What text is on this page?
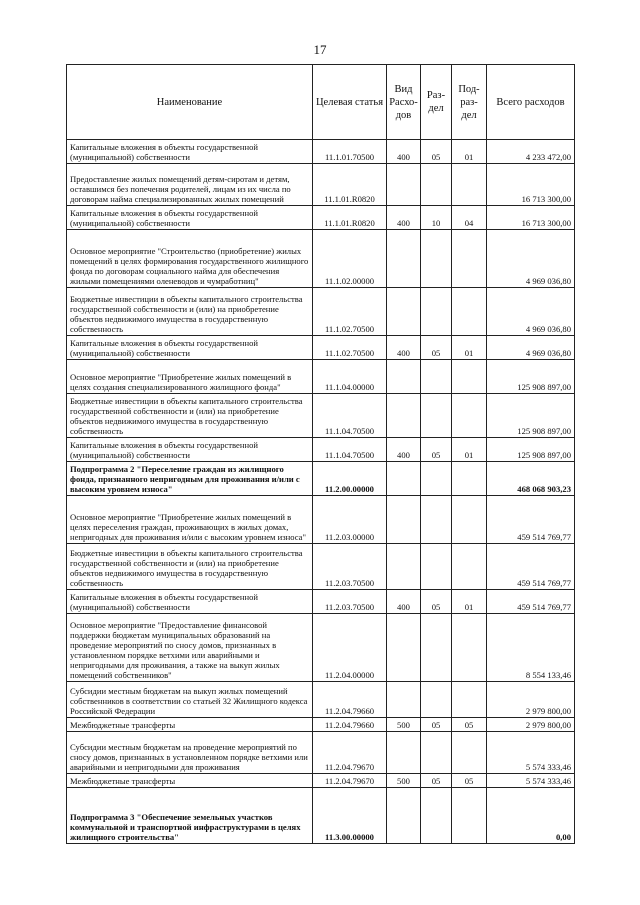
17
Наименование	Целевая статья	Вид Расхо-дов	Раз-дел	Под-раз-дел	Всего расходов
Капитальные вложения в объекты государственной (муниципальной) собственности	11.1.01.70500	400	05	01	4 233 472,00
Предоставление жилых помещений детям-сиротам и детям, оставшимся без попечения родителей, лицам из их числа по договорам найма специализированных жилых помещений	11.1.01.R0820				16 713 300,00
Капитальные вложения в объекты государственной (муниципальной) собственности	11.1.01.R0820	400	10	04	16 713 300,00
Основное мероприятие "Строительство (приобретение) жилых помещений в целях формирования государственного жилищного фонда по договорам социального найма для обеспечения жилыми помещениями оленеводов и чумработниц"	11.1.02.00000				4 969 036,80
Бюджетные инвестиции в объекты капитального строительства государственной собственности и (или) на приобретение объектов недвижимого имущества в государственную собственность	11.1.02.70500				4 969 036,80
Капитальные вложения в объекты государственной (муниципальной) собственности	11.1.02.70500	400	05	01	4 969 036,80
Основное мероприятие "Приобретение жилых помещений в целях создания специализированного жилищного фонда"	11.1.04.00000				125 908 897,00
Бюджетные инвестиции в объекты капитального строительства государственной собственности и (или) на приобретение объектов недвижимого имущества в государственную собственность	11.1.04.70500				125 908 897,00
Капитальные вложения в объекты государственной (муниципальной) собственности	11.1.04.70500	400	05	01	125 908 897,00
Подпрограмма 2 "Переселение граждан из жилищного фонда, признанного непригодным для проживания и/или с высоким уровнем износа"	11.2.00.00000				468 068 903,23
Основное мероприятие "Приобретение жилых помещений в целях переселения граждан, проживающих в жилых домах, непригодных для проживания и/или с высоким уровнем износа"	11.2.03.00000				459 514 769,77
Бюджетные инвестиции в объекты капитального строительства государственной собственности и (или) на приобретение объектов недвижимого имущества в государственную собственность	11.2.03.70500				459 514 769,77
Капитальные вложения в объекты государственной (муниципальной) собственности	11.2.03.70500	400	05	01	459 514 769,77
Основное мероприятие "Предоставление финансовой поддержки бюджетам муниципальных образований на проведение мероприятий по сносу домов, признанных в установленном порядке ветхими или аварийными и непригодными для проживания, а также на выкуп жилых помещений собственников"	11.2.04.00000				8 554 133,46
Субсидии местным бюджетам на выкуп жилых помещений собственников в соответствии со статьей 32 Жилищного кодекса Российской Федерации	11.2.04.79660				2 979 800,00
Межбюджетные трансферты	11.2.04.79660	500	05	05	2 979 800,00
Субсидии местным бюджетам на проведение мероприятий по сносу домов, признанных в установленном порядке ветхими или аварийными и непригодными для проживания	11.2.04.79670				5 574 333,46
Межбюджетные трансферты	11.2.04.79670	500	05	05	5 574 333,46
Подпрограмма 3 "Обеспечение земельных участков коммунальной и транспортной инфраструктурами в целях жилищного строительства"	11.3.00.00000				0,00
